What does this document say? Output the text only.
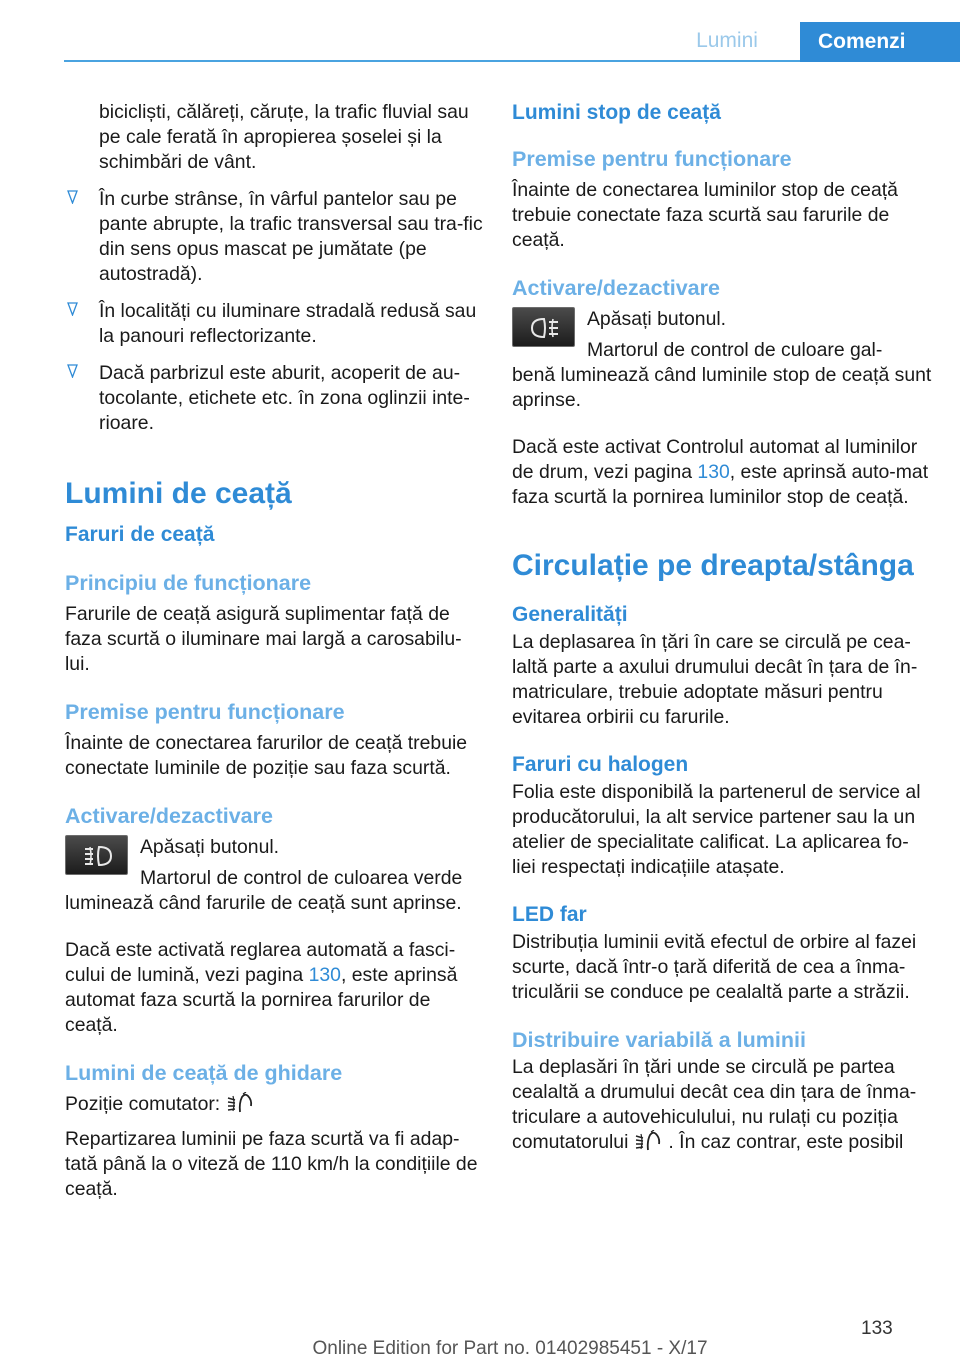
Lumini	Comenzi

bicicliști, călăreți, căruțe, la trafic fluvial sau pe cale ferată în apropierea șoselei și la schimbări de vânt.

În curbe strânse, în vârful pantelor sau pe pante abrupte, la trafic transversal sau tra‐fic din sens opus mascat pe jumătate (pe autostradă).
În localități cu iluminare stradală redusă sau la panouri reflectorizante.
Dacă parbrizul este aburit, acoperit de au‐tocolante, etichete etc. în zona oglinzii inte‐rioare.
Lumini de ceață
Faruri de ceață
Principiu de funcționare

Farurile de ceață asigură suplimentar față de faza scurtă o iluminare mai largă a carosabilu‐lui.

Premise pentru funcționare

Înainte de conectarea farurilor de ceață trebuie conectate luminile de poziție sau faza scurtă.

Activare/dezactivare
Apăsați butonul.
Martorul de control de culoarea verde

luminează când farurile de ceață sunt aprinse.

Dacă este activată reglarea automată a fasci‐cului de lumină, vezi pagina 130, este aprinsă automat faza scurtă la pornirea farurilor de ceață.

Lumini de ceață de ghidare

Poziție comutator:

Repartizarea luminii pe faza scurtă va fi adap‐tată până la o viteză de 110 km/h la condițiile de ceață.

Lumini stop de ceață
Premise pentru funcționare

Înainte de conectarea luminilor stop de ceață trebuie conectate faza scurtă sau farurile de ceață.

Activare/dezactivare
Apăsați butonul.
Martorul de control de culoare gal‐

benă luminează când luminile stop de ceață sunt aprinse.

Dacă este activat Controlul automat al luminilor de drum, vezi pagina 130, este aprinsă auto‐mat faza scurtă la pornirea luminilor stop de ceață.

Circulație pe dreapta/stânga
Generalități

La deplasarea în țări în care se circulă pe cea‐laltă parte a axului drumului decât în țara de în‐matriculare, trebuie adoptate măsuri pentru evitarea orbirii cu farurile.

Faruri cu halogen

Folia este disponibilă la partenerul de service al producătorului, la alt service partener sau la un atelier de specialitate calificat. La aplicarea fo‐liei respectați indicațiile atașate.

LED far

Distribuția luminii evită efectul de orbire al fazei scurte, dacă într-o țară diferită de cea a înma‐triculării se conduce pe cealaltă parte a străzii.

Distribuire variabilă a luminii

La deplasări în țări unde se circulă pe partea cealaltă a drumului decât cea din țara de înma‐triculare a autovehiculului, nu rulați cu poziția comutatorului . În caz contrar, este posibil

133
Online Edition for Part no. 01402985451 - X/17
